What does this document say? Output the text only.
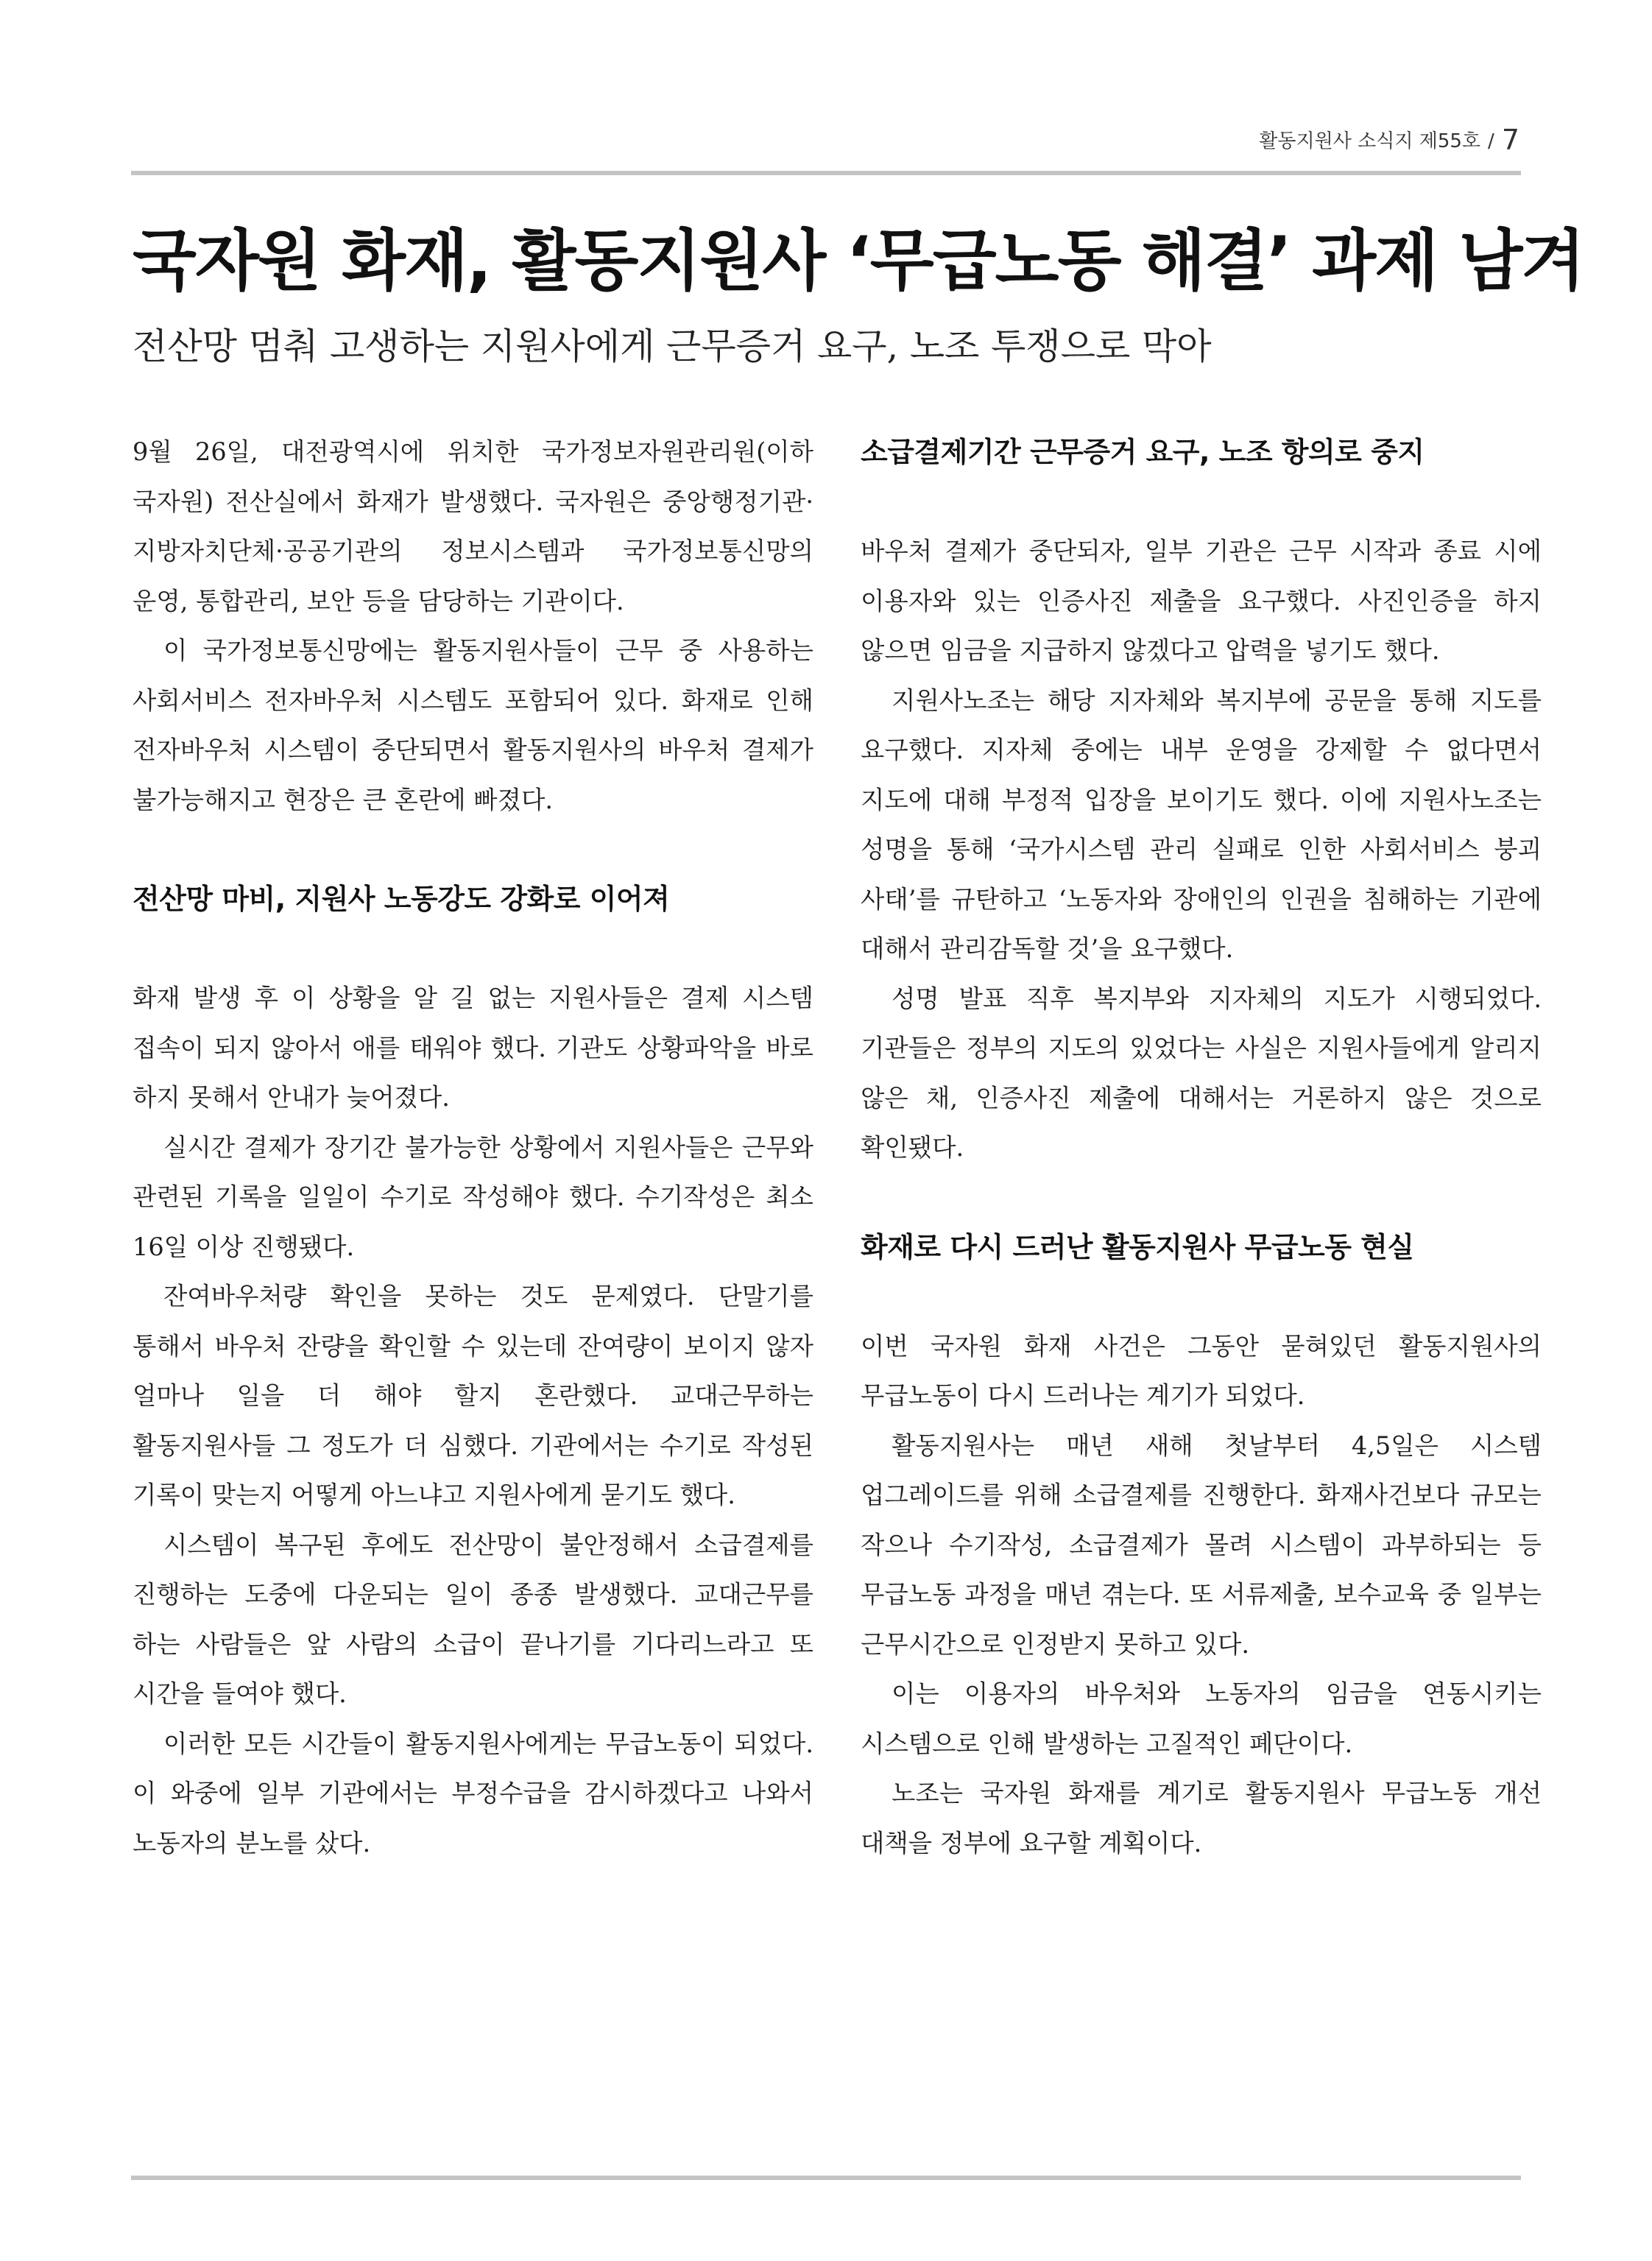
활동지원사 소식지 제55호 / 7
국자원 화재, 활동지원사 ‘무급노동 해결’ 과제 남겨
전산망 멈춰 고생하는 지원사에게 근무증거 요구, 노조 투쟁으로 막아

9월 26일, 대전광역시에 위치한 국가정보자원관리원(이하 국자원) 전산실에서 화재가 발생했다. 국자원은 중앙행정기관·지방자치단체·공공기관의 정보시스템과 국가정보통신망의 운영, 통합관리, 보안 등을 담당하는 기관이다.

이 국가정보통신망에는 활동지원사들이 근무 중 사용하는 사회서비스 전자바우처 시스템도 포함되어 있다. 화재로 인해 전자바우처 시스템이 중단되면서 활동지원사의 바우처 결제가 불가능해지고 현장은 큰 혼란에 빠졌다.

전산망 마비, 지원사 노동강도 강화로 이어져

화재 발생 후 이 상황을 알 길 없는 지원사들은 결제 시스템 접속이 되지 않아서 애를 태워야 했다. 기관도 상황파악을 바로 하지 못해서 안내가 늦어졌다.

실시간 결제가 장기간 불가능한 상황에서 지원사들은 근무와 관련된 기록을 일일이 수기로 작성해야 했다. 수기작성은 최소 16일 이상 진행됐다.

잔여바우처량 확인을 못하는 것도 문제였다. 단말기를 통해서 바우처 잔량을 확인할 수 있는데 잔여량이 보이지 않자 얼마나 일을 더 해야 할지 혼란했다. 교대근무하는 활동지원사들 그 정도가 더 심했다. 기관에서는 수기로 작성된 기록이 맞는지 어떻게 아느냐고 지원사에게 묻기도 했다.

시스템이 복구된 후에도 전산망이 불안정해서 소급결제를 진행하는 도중에 다운되는 일이 종종 발생했다. 교대근무를 하는 사람들은 앞 사람의 소급이 끝나기를 기다리느라고 또 시간을 들여야 했다.

이러한 모든 시간들이 활동지원사에게는 무급노동이 되었다. 이 와중에 일부 기관에서는 부정수급을 감시하겠다고 나와서 노동자의 분노를 샀다.

소급결제기간 근무증거 요구, 노조 항의로 중지

바우처 결제가 중단되자, 일부 기관은 근무 시작과 종료 시에 이용자와 있는 인증사진 제출을 요구했다. 사진인증을 하지 않으면 임금을 지급하지 않겠다고 압력을 넣기도 했다.

지원사노조는 해당 지자체와 복지부에 공문을 통해 지도를 요구했다. 지자체 중에는 내부 운영을 강제할 수 없다면서 지도에 대해 부정적 입장을 보이기도 했다. 이에 지원사노조는 성명을 통해 ‘국가시스템 관리 실패로 인한 사회서비스 붕괴 사태’를 규탄하고 ‘노동자와 장애인의 인권을 침해하는 기관에 대해서 관리감독할 것’을 요구했다.

성명 발표 직후 복지부와 지자체의 지도가 시행되었다. 기관들은 정부의 지도의 있었다는 사실은 지원사들에게 알리지 않은 채, 인증사진 제출에 대해서는 거론하지 않은 것으로 확인됐다.

화재로 다시 드러난 활동지원사 무급노동 현실

이번 국자원 화재 사건은 그동안 묻혀있던 활동지원사의 무급노동이 다시 드러나는 계기가 되었다.

활동지원사는 매년 새해 첫날부터 4,5일은 시스템 업그레이드를 위해 소급결제를 진행한다. 화재사건보다 규모는 작으나 수기작성, 소급결제가 몰려 시스템이 과부하되는 등 무급노동 과정을 매년 겪는다. 또 서류제출, 보수교육 중 일부는 근무시간으로 인정받지 못하고 있다.

이는 이용자의 바우처와 노동자의 임금을 연동시키는 시스템으로 인해 발생하는 고질적인 폐단이다.

노조는 국자원 화재를 계기로 활동지원사 무급노동 개선 대책을 정부에 요구할 계획이다.
